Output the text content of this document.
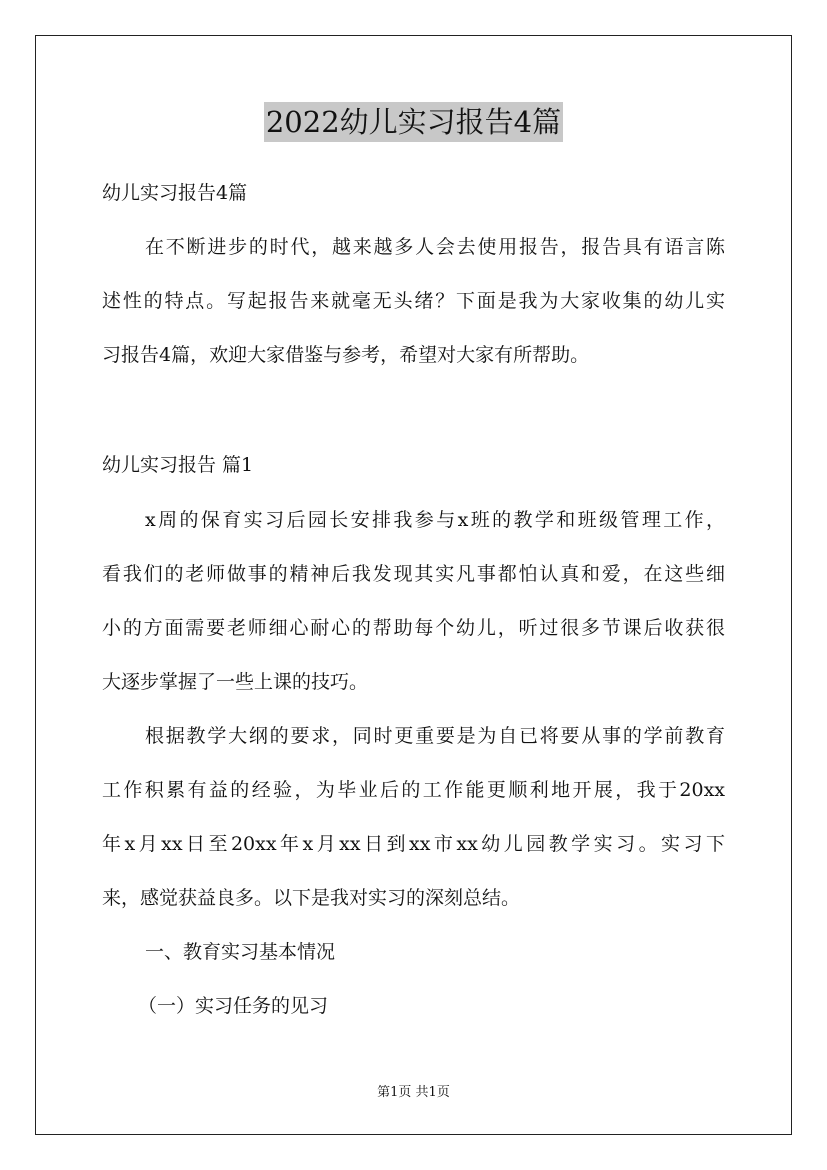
2022幼儿实习报告4篇
幼儿实习报告4篇
在不断进步的时代，越来越多人会去使用报告，报告具有语言陈
述性的特点。写起报告来就毫无头绪？下面是我为大家收集的幼儿实
习报告4篇，欢迎大家借鉴与参考，希望对大家有所帮助。
幼儿实习报告 篇1
x周的保育实习后园长安排我参与x班的教学和班级管理工作，
看我们的老师做事的精神后我发现其实凡事都怕认真和爱，在这些细
小的方面需要老师细心耐心的帮助每个幼儿，听过很多节课后收获很
大逐步掌握了一些上课的技巧。
根据教学大纲的要求，同时更重要是为自已将要从事的学前教育
工作积累有益的经验，为毕业后的工作能更顺利地开展，我于20xx
年x月xx日至20xx年x月xx日到xx市xx幼儿园教学实习。实习下
来，感觉获益良多。以下是我对实习的深刻总结。
一、教育实习基本情况
（一）实习任务的见习
第1页 共1页
